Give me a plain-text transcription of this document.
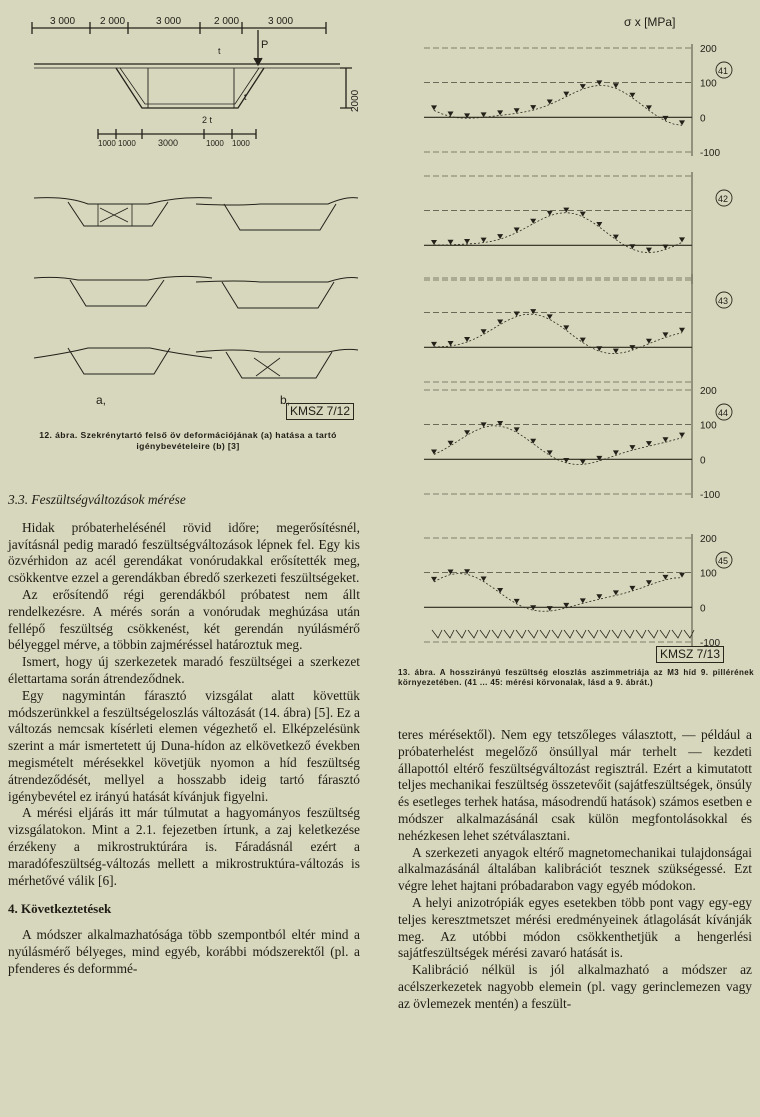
3 000 2 000	3 000	2 000	3 000
P
t
t
2 t
2000
1000 1000 3000	1000 1000
a,	b,
KMSZ 7/12
12. ábra. Szekrénytartó felső öv deformációjának (a) hatása a tartó igénybevételeire (b) [3]
σ x [MPa]
200
100
0
-100
41
42
43
200
100
0
-100
44
200
100
0
-100
45
KMSZ 7/13
13. ábra. A hosszirányú feszültség eloszlás aszimmetriája az M3 híd 9. pillérének környezetében. (41 ... 45: mérési körvonalak, lásd a 9. ábrát.)
3.3. Feszültségváltozások mérése

Hidak próbaterhelésénél rövid időre; megerősítésnél, javításnál pedig maradó feszültségváltozások lépnek fel. Egy kis özvérhidon az acél gerendákat vonórudakkal erősítették meg, csökkentve ezzel a gerendákban ébredő szerkezeti feszültségeket.

Az erősítendő régi gerendákból próbatest nem állt rendelkezésre. A mérés során a vonórudak meghúzása után fellépő feszültség csökkenést, két gerendán nyúlásmérő bélyeggel mérve, a többin zajméréssel határoztuk meg.

Ismert, hogy új szerkezetek maradó feszültségei a szerkezet élettartama során átrendeződnek.

Egy nagymintán fárasztó vizsgálat alatt követtük módszerünkkel a feszültségeloszlás változását (14. ábra) [5]. Ez a változás nemcsak kísérleti elemen végezhető el. Elképzelésünk szerint a már ismertetett új Duna-hídon az elkövetkező években megismételt mérésekkel követjük nyomon a híd feszültség átrendeződését, mellyel a hosszabb ideig tartó fárasztó igénybevétel ez irányú hatását kívánjuk figyelni.

A mérési eljárás itt már túlmutat a hagyományos feszültség vizsgálatokon. Mint a 2.1. fejezetben írtunk, a zaj keletkezése érzékeny a mikrostruktúrára is. Fáradásnál ezért a maradófeszültség-változás mellett a mikrostruktúra-változás is mérhetővé válik [6].

4. Következtetések

A módszer alkalmazhatósága több szempontból eltér mind a nyúlásmérő bélyeges, mind egyéb, korábbi módszerektől (pl. a pfenderes és deformmé-

teres mérésektől). Nem egy tetszőleges választott, — például a próbaterhelést megelőző önsúllyal már terhelt — kezdeti állapottól eltérő feszültségváltozást regisztrál. Ezért a kimutatott teljes mechanikai feszültség összetevőit (sajátfeszültségek, önsúly és esetleges terhek hatása, másodrendű hatások) számos esetben e módszer alkalmazásánál csak külön megfontolásokkal és nehézkesen lehet szétválasztani.

A szerkezeti anyagok eltérő magnetomechanikai tulajdonságai alkalmazásánál általában kalibrációt tesznek szükségessé. Ezt végre lehet hajtani próbadarabon vagy egyéb módokon.

A helyi anizotrópiák egyes esetekben több pont vagy egy-egy teljes keresztmetszet mérési eredményeinek átlagolását kívánják meg. Az utóbbi módon csökkenthetjük a hengerlési sajátfeszültségek mérési zavaró hatását is.

Kalibráció nélkül is jól alkalmazható a módszer az acélszerkezetek nagyobb elemein (pl. vagy gerinclemezen vagy az övlemezek mentén) a feszült-
